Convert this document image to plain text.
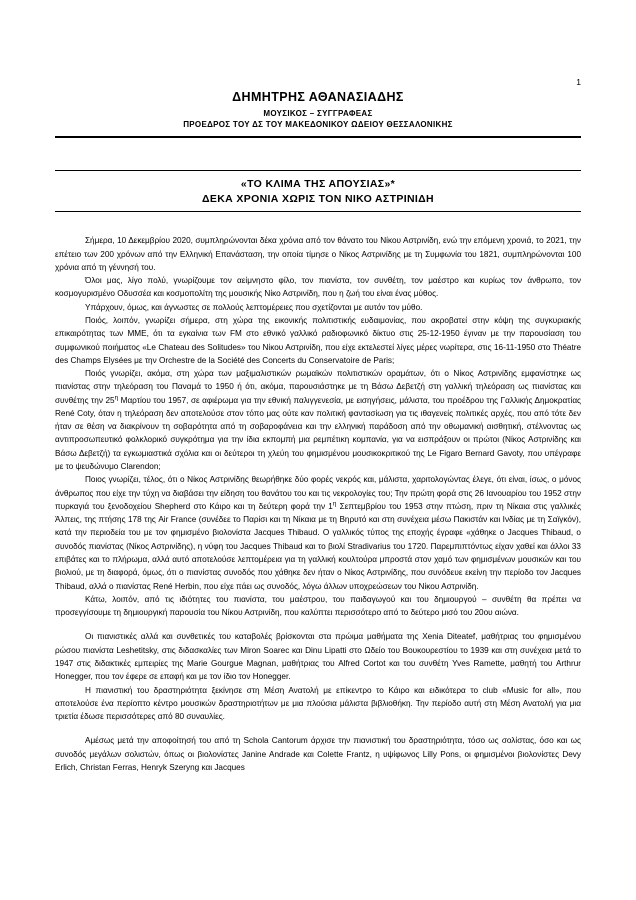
1
ΔΗΜΗΤΡΗΣ ΑΘΑΝΑΣΙΑΔΗΣ
ΜΟΥΣΙΚΟΣ – ΣΥΓΓΡΑΦΕΑΣ
ΠΡΟΕΔΡΟΣ ΤΟΥ ΔΣ ΤΟΥ ΜΑΚΕΔΟΝΙΚΟΥ ΩΔΕΙΟΥ ΘΕΣΣΑΛΟΝΙΚΗΣ
«ΤΟ ΚΛΙΜΑ ΤΗΣ ΑΠΟΥΣΙΑΣ»*
ΔΕΚΑ ΧΡΟΝΙΑ ΧΩΡΙΣ ΤΟΝ ΝΙΚΟ ΑΣΤΡΙΝΙΔΗ

Σήμερα, 10 Δεκεμβρίου 2020, συμπληρώνονται δέκα χρόνια από τον θάνατο του Νίκου Αστρινίδη, ενώ την επόμενη χρονιά, το 2021, την επέτειο των 200 χρόνων από την Ελληνική Επανάσταση, την οποία τίμησε ο Νίκος Αστρινίδης με τη Συμφωνία του 1821, συμπληρώνονται 100 χρόνια από τη γέννησή του.

Όλοι μας, λίγο πολύ, γνωρίζουμε τον αείμνηστο φίλο, τον πιανίστα, τον συνθέτη, τον μαέστρο και κυρίως τον άνθρωπο, τον κοσμογυρισμένο Οδυσσέα και κοσμοπολίτη της μουσικής Νίκο Αστρινίδη, που η ζωή του είναι ένας μύθος.

Υπάρχουν, όμως, και άγνωστες σε πολλούς λεπτομέρειες που σχετίζονται με αυτόν τον μύθο.

Ποιός, λοιπόν, γνωρίζει σήμερα, στη χώρα της εικονικής πολιτιστικής ευδαιμονίας, που ακροβατεί στην κόψη της συγκυριακής επικαιρότητας των ΜΜΕ, ότι τα εγκαίνια των FM στο εθνικό γαλλικό ραδιοφωνικό δίκτυο στις 25-12-1950 έγιναν με την παρουσίαση του συμφωνικού ποιήματος «Le Chateau des Solitudes» του Νίκου Αστρινίδη, που είχε εκτελεστεί λίγες μέρες νωρίτερα, στις 16-11-1950 στο Théatre des Champs Elysées με την Orchestre de la Société des Concerts du Conservatoire de Paris;

Ποιός γνωρίζει, ακόμα, στη χώρα των μαξιμαλιστικών ρωμαϊκών πολιτιστικών οραμάτων, ότι ο Νίκος Αστρινίδης εμφανίστηκε ως πιανίστας στην τηλεόραση του Παναμά το 1950 ή ότι, ακόμα, παρουσιάστηκε με τη Βάσω Δεβετζή στη γαλλική τηλεόραση ως πιανίστας και συνθέτης την $25^\eta$ Μαρτίου του 1957, σε αφιέρωμα για την εθνική παλιγγενεσία, με εισηγήσεις, μάλιστα, του προέδρου της Γαλλικής Δημοκρατίας René Coty, όταν η τηλεόραση δεν αποτελούσε στον τόπο μας ούτε καν πολιτική φαντασίωση για τις ιθαγενείς πολιτικές αρχές, που από τότε δεν ήταν σε θέση να διακρίνουν τη σοβαρότητα από τη σοβαροφάνεια και την ελληνική παράδοση από την οθωμανική αισθητική, στέλνοντας ως αντιπροσωπευτικό φολκλορικό συγκρότημα για την ίδια εκπομπή μια ρεμπέτικη κομπανία, για να εισπράξουν οι πρώτοι (Νίκος Αστρινίδης και Βάσω Δεβετζή) τα εγκωμιαστικά σχόλια και οι δεύτεροι τη χλεύη του φημισμένου μουσικοκριτικού της Le Figaro Bernard Gavoty, που υπέγραφε με το ψευδώνυμο Clarendon;

Ποιος γνωρίζει, τέλος, ότι ο Νίκος Αστρινίδης θεωρήθηκε δύο φορές νεκρός και, μάλιστα, χαριτολογώντας έλεγε, ότι είναι, ίσως, ο μόνος άνθρωπος που είχε την τύχη να διαβάσει την είδηση του θανάτου του και τις νεκρολογίες του; Την πρώτη φορά στις 26 Ιανουαρίου του 1952 στην πυρκαγιά του ξενοδοχείου Shepherd στο Κάιρο και τη δεύτερη φορά την $1^\eta$ Σεπτεμβρίου του 1953 στην πτώση, πριν τη Νίκαια στις γαλλικές Άλπεις, της πτήσης 178 της Air France (συνέδεε το Παρίσι και τη Νίκαια με τη Βηρυτό και στη συνέχεια μέσω Πακιστάν και Ινδίας με τη Σαϊγκόν), κατά την περιοδεία του με τον φημισμένο βιολονίστα Jacques Thibaud. Ο γαλλικός τύπος της εποχής έγραφε «χάθηκε ο Jacques Thibaud, ο συνοδός πιανίστας (Νίκος Αστρινίδης), η νύφη του Jacques Thibaud και το βιολί Stradivarius του 1720. Παρεμπιπτόντως είχαν χαθεί και άλλοι 33 επιβάτες και το πλήρωμα, αλλά αυτό αποτελούσε λεπτομέρεια για τη γαλλική κουλτούρα μπροστά στον χαμό των φημισμένων μουσικών και του βιολιού, με τη διαφορά, όμως, ότι ο πιανίστας συνοδός που χάθηκε δεν ήταν ο Νίκος Αστρινίδης, που συνόδευε εκείνη την περίοδο τον Jacques Thibaud, αλλά ο πιανίστας René Herbin, που είχε πάει ως συνοδός, λόγω άλλων υποχρεώσεων του Νίκου Αστρινίδη.

Κάτω, λοιπόν, από τις ιδιότητες του πιανίστα, του μαέστρου, του παιδαγωγού και του δημιουργού – συνθέτη θα πρέπει να προσεγγίσουμε τη δημιουργική παρουσία του Νίκου Αστρινίδη, που καλύπτει περισσότερο από το δεύτερο μισό του 20ου αιώνα.

Οι πιανιστικές αλλά και συνθετικές του καταβολές βρίσκονται στα πρώιμα μαθήματα της Xenia Diteatef, μαθήτριας του φημισμένου ρώσου πιανίστα Leshetitsky, στις διδασκαλίες των Miron Soarec και Dinu Lipatti στο Ωδείο του Βουκουρεστίου το 1939 και στη συνέχεια μετά το 1947 στις διδακτικές εμπειρίες της Marie Gourgue Magnan, μαθήτριας του Alfred Cortot και του συνθέτη Yves Ramette, μαθητή του Arthrur Honegger, που τον έφερε σε επαφή και με τον ίδιο τον Honegger.

Η πιανιστική του δραστηριότητα ξεκίνησε στη Μέση Ανατολή με επίκεντρο το Κάιρο και ειδικότερα το club «Music for all», που αποτελούσε ένα περίοπτο κέντρο μουσικών δραστηριοτήτων με μια πλούσια μάλιστα βιβλιοθήκη. Την περίοδο αυτή στη Μέση Ανατολή για μια τριετία έδωσε περισσότερες από 80 συναυλίες.

Αμέσως μετά την αποφοίτησή του από τη Schola Cantorum άρχισε την πιανιστική του δραστηριότητα, τόσο ως σολίστας, όσο και ως συνοδός μεγάλων σολιστών, όπως οι βιολονίστες Janine Andrade και Colette Frantz, η υψίφωνος Lilly Pons, οι φημισμένοι βιολονίστες Devy Erlich, Christan Ferras, Henryk Szeryng και Jacques
